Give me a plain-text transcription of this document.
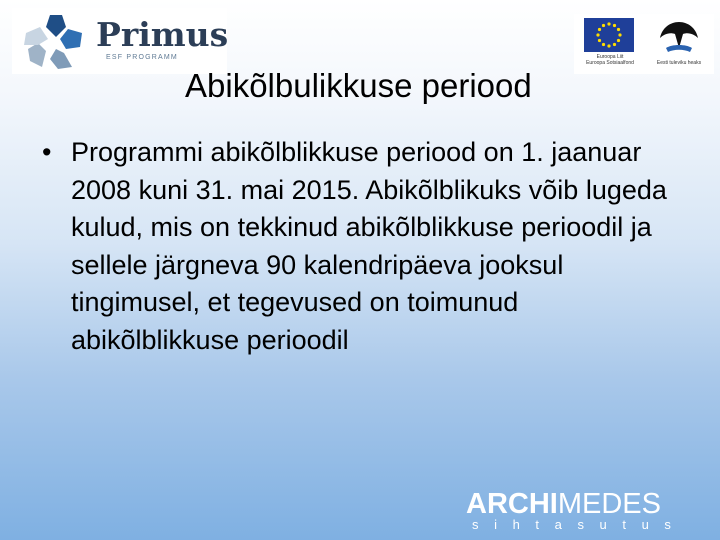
Primus
ESF PROGRAMM	Euroopa Liit
Euroopa Sotsiaalfond	Eesti tuleviku heaks
Abikõlbulikkuse periood
• Programmi abikõlblikkuse periood on 1. jaanuar 2008 kuni 31. mai 2015. Abikõlblikuks võib lugeda kulud, mis on tekkinud abikõlblikkuse perioodil ja sellele järgneva 90 kalendripäeva jooksul tingimusel, et tegevused on toimunud abikõlblikkuse perioodil
ARCHIMEDES
sihtasutus
